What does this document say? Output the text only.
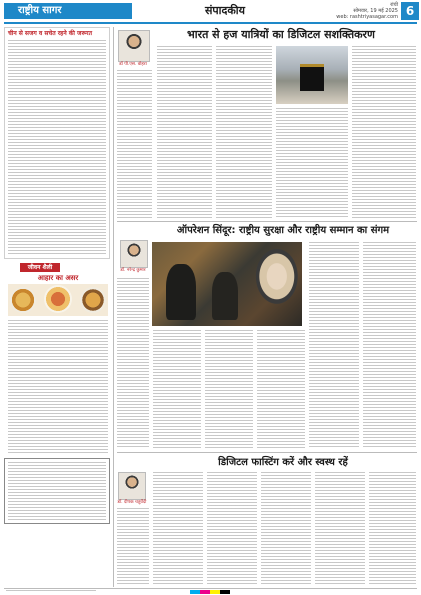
राष्ट्रीय सागर	संपादकीय	रांची
सोमवार, 19 मई 2025
web: rashtriyasagar.com 6
चीन से सजग व सचेत रहने की जरूरत
जीवन शैली
आहार का असर
भारत से हज यात्रियों का डिजिटल सशक्तिकरण
डॉ पी.एस. वोहरा
ऑपरेशन सिंदूर: राष्ट्रीय सुरक्षा और राष्ट्रीय सम्मान का संगम
डॉ. नरेन्द्र कुमार
डिजिटल फास्टिंग करें और स्वस्थ रहें
डॉ. दीपक चतुर्वेदी
